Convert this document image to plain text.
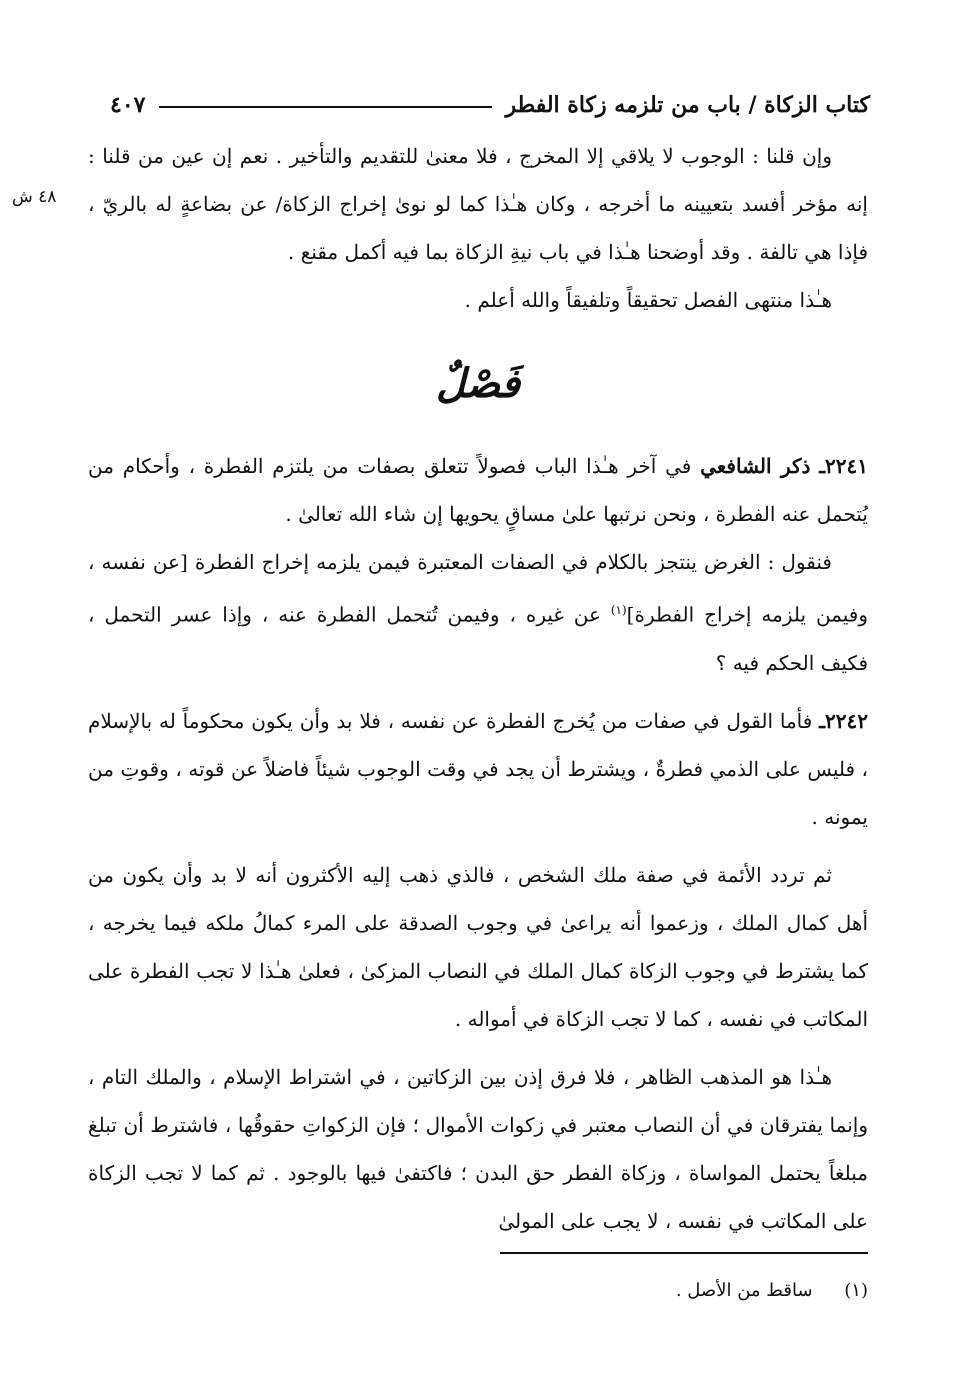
كتاب الزكاة / باب من تلزمه زكاة الفطر
٤٠٧
٤٨ ش

وإن قلنا : الوجوب لا يلاقي إلا المخرج ، فلا معنىٰ للتقديم والتأخير . نعم إن عين من قلنا : إنه مؤخر أفسد بتعيينه ما أخرجه ، وكان هـٰذا كما لو نوىٰ إخراج الزكاة/ عن بضاعةٍ له بالريّ ، فإذا هي تالفة . وقد أوضحنا هـٰذا في باب نيةِ الزكاة بما فيه أكمل مقنع .

هـٰذا منتهى الفصل تحقيقاً وتلفيقاً والله أعلم .

فَصْلٌ

٢٢٤١ـ ذكر الشافعي في آخر هـٰذا الباب فصولاً تتعلق بصفات من يلتزم الفطرة ، وأحكام من يُتحمل عنه الفطرة ، ونحن نرتبها علىٰ مساقٍ يحويها إن شاء الله تعالىٰ .

فنقول : الغرض ينتجز بالكلام في الصفات المعتبرة فيمن يلزمه إخراج الفطرة [عن نفسه ، وفيمن يلزمه إخراج الفطرة]$^{(١)}$ عن غيره ، وفيمن تُتحمل الفطرة عنه ، وإذا عسر التحمل ، فكيف الحكم فيه ؟

٢٢٤٢ـ فأما القول في صفات من يُخرج الفطرة عن نفسه ، فلا بد وأن يكون محكوماً له بالإسلام ، فليس على الذمي فطرةٌ ، ويشترط أن يجد في وقت الوجوب شيئاً فاضلاً عن قوته ، وقوتِ من يمونه .

ثم تردد الأئمة في صفة ملك الشخص ، فالذي ذهب إليه الأكثرون أنه لا بد وأن يكون من أهل كمال الملك ، وزعموا أنه يراعىٰ في وجوب الصدقة على المرء كمالُ ملكه فيما يخرجه ، كما يشترط في وجوب الزكاة كمال الملك في النصاب المزكىٰ ، فعلىٰ هـٰذا لا تجب الفطرة على المكاتب في نفسه ، كما لا تجب الزكاة في أمواله .

هـٰذا هو المذهب الظاهر ، فلا فرق إذن بين الزكاتين ، في اشتراط الإسلام ، والملك التام ، وإنما يفترقان في أن النصاب معتبر في زكوات الأموال ؛ فإن الزكواتِ حقوقُها ، فاشترط أن تبلغ مبلغاً يحتمل المواساة ، وزكاة الفطر حق البدن ؛ فاكتفىٰ فيها بالوجود . ثم كما لا تجب الزكاة على المكاتب في نفسه ، لا يجب على المولىٰ

(١) ساقط من الأصل .
